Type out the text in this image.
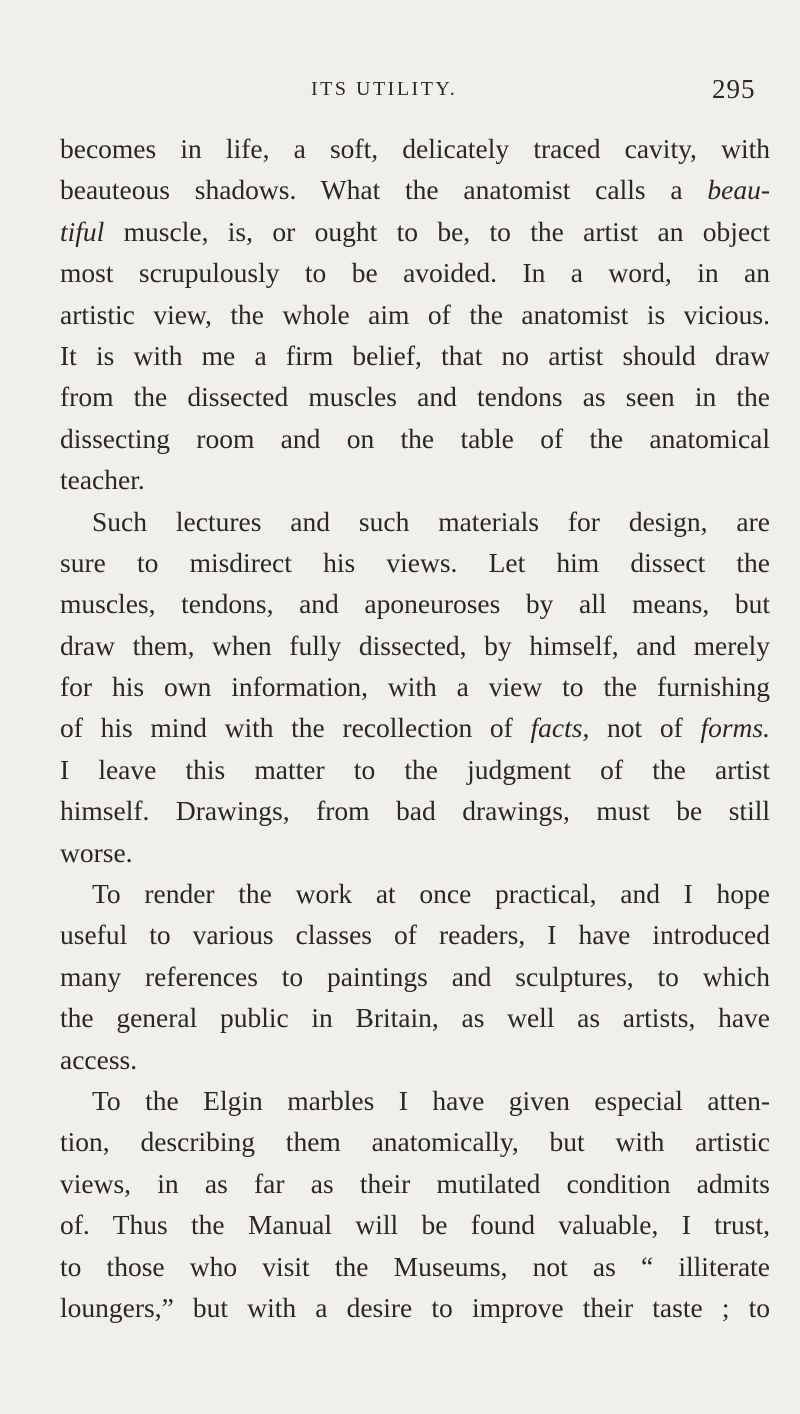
ITS UTILITY.	295
becomes in life, a soft, delicately traced cavity, with
beauteous shadows. What the anatomist calls a beau-
tiful muscle, is, or ought to be, to the artist an object
most scrupulously to be avoided. In a word, in an
artistic view, the whole aim of the anatomist is vicious.
It is with me a firm belief, that no artist should draw
from the dissected muscles and tendons as seen in the
dissecting room and on the table of the anatomical
teacher.
Such lectures and such materials for design, are
sure to misdirect his views. Let him dissect the
muscles, tendons, and aponeuroses by all means, but
draw them, when fully dissected, by himself, and merely
for his own information, with a view to the furnishing
of his mind with the recollection of facts, not of forms.
I leave this matter to the judgment of the artist
himself. Drawings, from bad drawings, must be still
worse.
To render the work at once practical, and I hope
useful to various classes of readers, I have introduced
many references to paintings and sculptures, to which
the general public in Britain, as well as artists, have
access.
To the Elgin marbles I have given especial atten-
tion, describing them anatomically, but with artistic
views, in as far as their mutilated condition admits
of. Thus the Manual will be found valuable, I trust,
to those who visit the Museums, not as “ illiterate
loungers,” but with a desire to improve their taste ; to
